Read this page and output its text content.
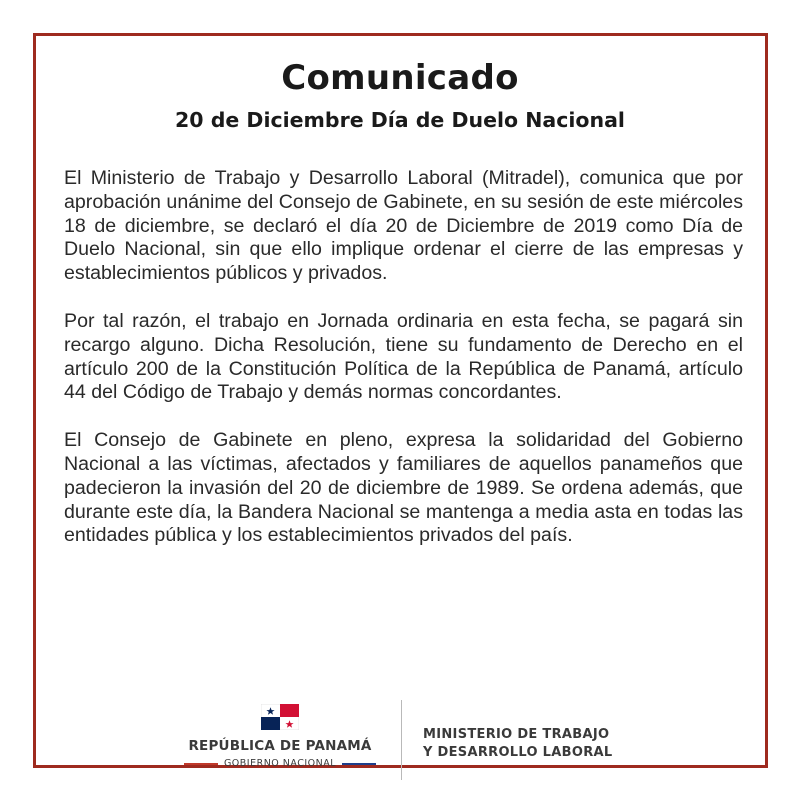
Comunicado
20 de Diciembre Día de Duelo Nacional

El Ministerio de Trabajo y Desarrollo Laboral (Mitradel), comunica que por aprobación unánime del Consejo de Gabinete, en su sesión de este miércoles 18 de diciembre, se declaró el día 20 de Diciembre de 2019 como Día de Duelo Nacional, sin que ello implique ordenar el cierre de las empresas y establecimientos públicos y privados.

Por tal razón, el trabajo en Jornada ordinaria en esta fecha, se pagará sin recargo alguno. Dicha Resolución, tiene su fundamento de Derecho en el artículo 200 de la Constitución Política de la República de Panamá, artículo 44 del Código de Trabajo y demás normas concordantes.

El Consejo de Gabinete en pleno, expresa la solidaridad del Gobierno Nacional a las víctimas, afectados y familiares de aquellos panameños que padecieron la invasión del 20 de diciembre de 1989. Se ordena además, que durante este día, la Bandera Nacional se mantenga a media asta en todas las entidades pública y los establecimientos privados del país.

REPÚBLICA DE PANAMÁ
GOBIERNO NACIONAL
MINISTERIO DE TRABAJO
Y DESARROLLO LABORAL
